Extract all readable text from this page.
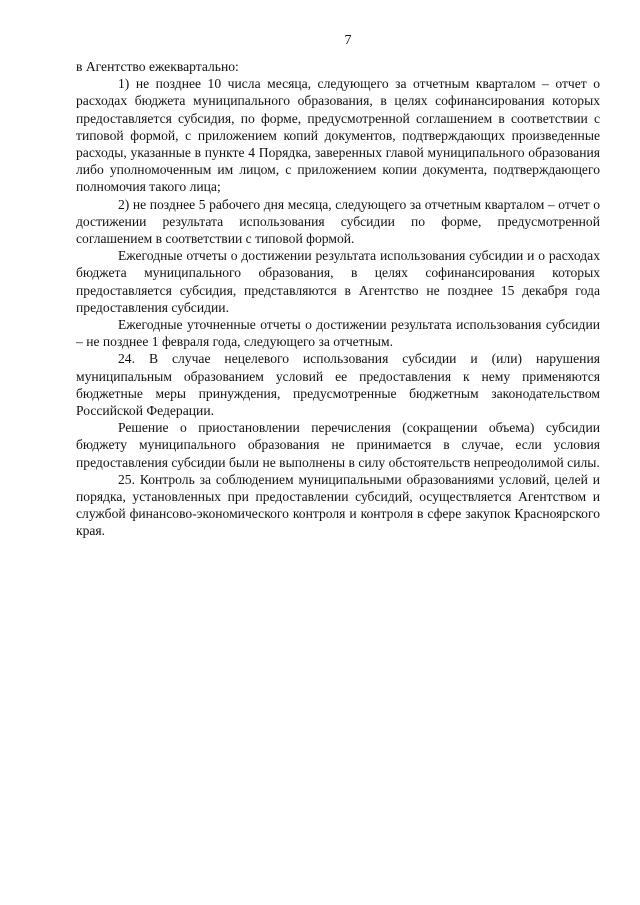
7

в Агентство ежеквартально:

1) не позднее 10 числа месяца, следующего за отчетным кварталом – отчет о расходах бюджета муниципального образования, в целях софинансирования которых предоставляется субсидия, по форме, предусмотренной соглашением в соответствии с типовой формой, с приложением копий документов, подтверждающих произведенные расходы, указанные в пункте 4 Порядка, заверенных главой муниципального образования либо уполномоченным им лицом, с приложением копии документа, подтверждающего полномочия такого лица;

2) не позднее 5 рабочего дня месяца, следующего за отчетным кварталом – отчет о достижении результата использования субсидии по форме, предусмотренной соглашением в соответствии с типовой формой.

Ежегодные отчеты о достижении результата использования субсидии и о расходах бюджета муниципального образования, в целях софинансирования которых предоставляется субсидия, представляются в Агентство не позднее 15 декабря года предоставления субсидии.

Ежегодные уточненные отчеты о достижении результата использования субсидии – не позднее 1 февраля года, следующего за отчетным.

24. В случае нецелевого использования субсидии и (или) нарушения муниципальным образованием условий ее предоставления к нему применяются бюджетные меры принуждения, предусмотренные бюджетным законодательством Российской Федерации.

Решение о приостановлении перечисления (сокращении объема) субсидии бюджету муниципального образования не принимается в случае, если условия предоставления субсидии были не выполнены в силу обстоятельств непреодолимой силы.

25. Контроль за соблюдением муниципальными образованиями условий, целей и порядка, установленных при предоставлении субсидий, осуществляется Агентством и службой финансово-экономического контроля и контроля в сфере закупок Красноярского края.
